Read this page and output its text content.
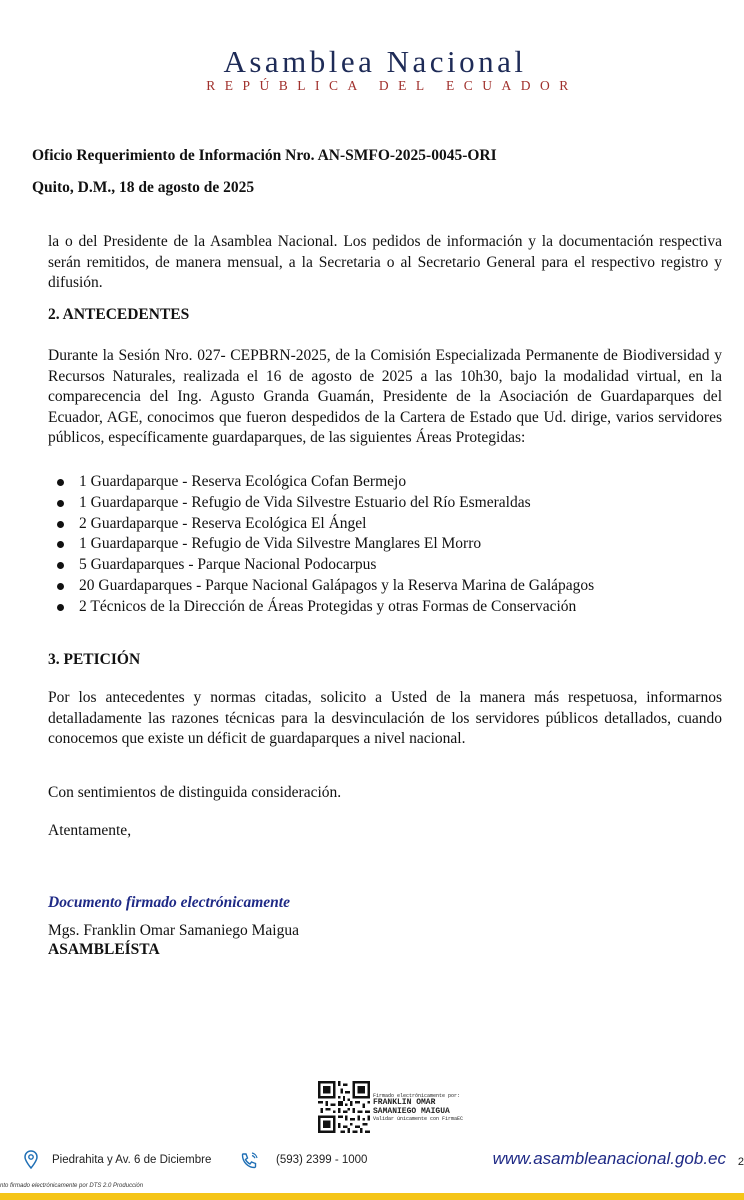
Asamblea Nacional
REPÚBLICA DEL ECUADOR
Oficio Requerimiento de Información Nro. AN-SMFO-2025-0045-ORI
Quito, D.M., 18 de agosto de 2025
la o del Presidente de la Asamblea Nacional. Los pedidos de información y la documentación respectiva serán remitidos, de manera mensual, a la Secretaria o al Secretario General para el respectivo registro y difusión.
2. ANTECEDENTES
Durante la Sesión Nro. 027- CEPBRN-2025, de la Comisión Especializada Permanente de Biodiversidad y Recursos Naturales, realizada el 16 de agosto de 2025 a las 10h30, bajo la modalidad virtual, en la comparecencia del Ing. Agusto Granda Guamán, Presidente de la Asociación de Guardaparques del Ecuador, AGE, conocimos que fueron despedidos de la Cartera de Estado que Ud. dirige, varios servidores públicos, específicamente guardaparques, de las siguientes Áreas Protegidas:
1 Guardaparque - Reserva Ecológica Cofan Bermejo
1 Guardaparque - Refugio de Vida Silvestre Estuario del Río Esmeraldas
2 Guardaparque - Reserva Ecológica El Ángel
1 Guardaparque - Refugio de Vida Silvestre Manglares El Morro
5 Guardaparques - Parque Nacional Podocarpus
20 Guardaparques - Parque Nacional Galápagos y la Reserva Marina de Galápagos
2 Técnicos de la Dirección de Áreas Protegidas y otras Formas de Conservación
3. PETICIÓN
Por los antecedentes y normas citadas, solicito a Usted de la manera más respetuosa, informarnos detalladamente las razones técnicas para la desvinculación de los servidores públicos detallados, cuando conocemos que existe un déficit de guardaparques a nivel nacional.
Con sentimientos de distinguida consideración.
Atentamente,
Documento firmado electrónicamente
Mgs. Franklin Omar Samaniego Maigua
ASAMBLEÍSTA
Firmado electrónicamente por:
FRANKLIN OMAR
SAMANIEGO MAIGUA
Validar únicamente con FirmaEC
Piedrahita y Av. 6 de Diciembre	(593) 2399 - 1000	www.asambleanacional.gob.ec 2
nto firmado electrónicamente por DTS 2.0 Producción
